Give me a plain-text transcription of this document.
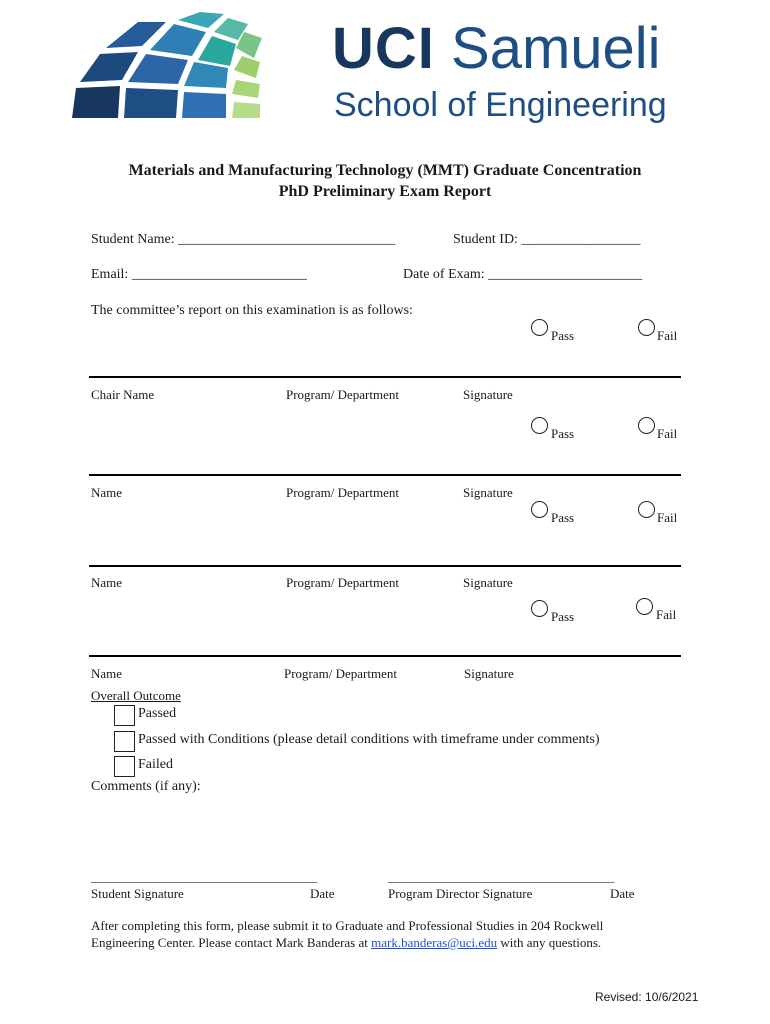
UCI Samueli
School of Engineering
Materials and Manufacturing Technology (MMT) Graduate Concentration
PhD Preliminary Exam Report
Student Name: _______________________________	Student ID: _________________
Email: _________________________	Date of Exam: ______________________
The committee’s report on this examination is as follows:
Pass	Fail
Chair Name	Program/ Department	Signature
Pass	Fail
Name	Program/ Department	Signature
Pass	Fail
Name	Program/ Department	Signature
Pass	Fail
Name	Program/ Department	Signature
Overall Outcome
Passed
Passed with Conditions (please detail conditions with timeframe under comments)
Failed
Comments (if any):
_______________________________________	_______________________________________
Student Signature	Date	Program Director Signature	Date
After completing this form, please submit it to Graduate and Professional Studies in 204 Rockwell
Engineering Center. Please contact Mark Banderas at mark.banderas@uci.edu with any questions.
Revised: 10/6/2021
